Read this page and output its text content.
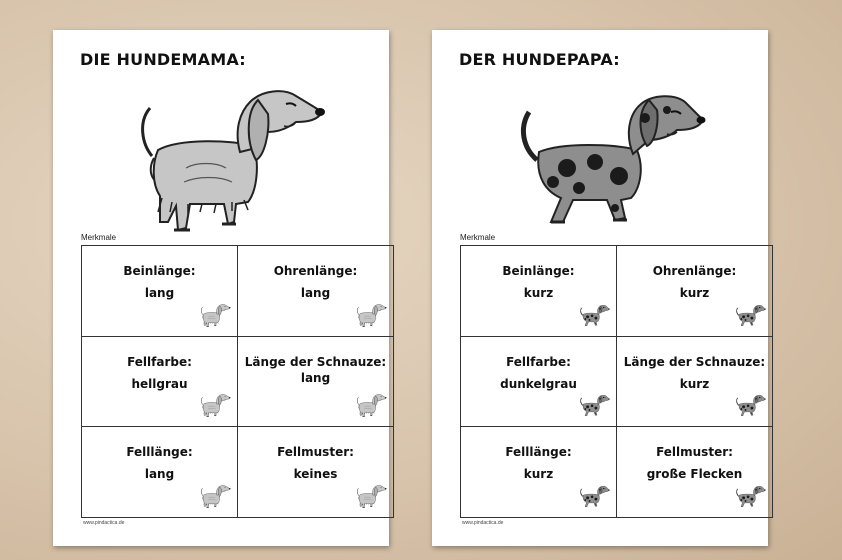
DIE HUNDEMAMA:
Merkmale
Beinlänge:
lang
Ohrenlänge:
lang
Fellfarbe:
hellgrau
Länge der Schnauze:
lang
Felllänge:
lang
Fellmuster:
keines
www.pindactica.de
DER HUNDEPAPA:
Merkmale
Beinlänge:
kurz
Ohrenlänge:
kurz
Fellfarbe:
dunkelgrau
Länge der Schnauze:
kurz
Felllänge:
kurz
Fellmuster:
große Flecken
www.pindactica.de
